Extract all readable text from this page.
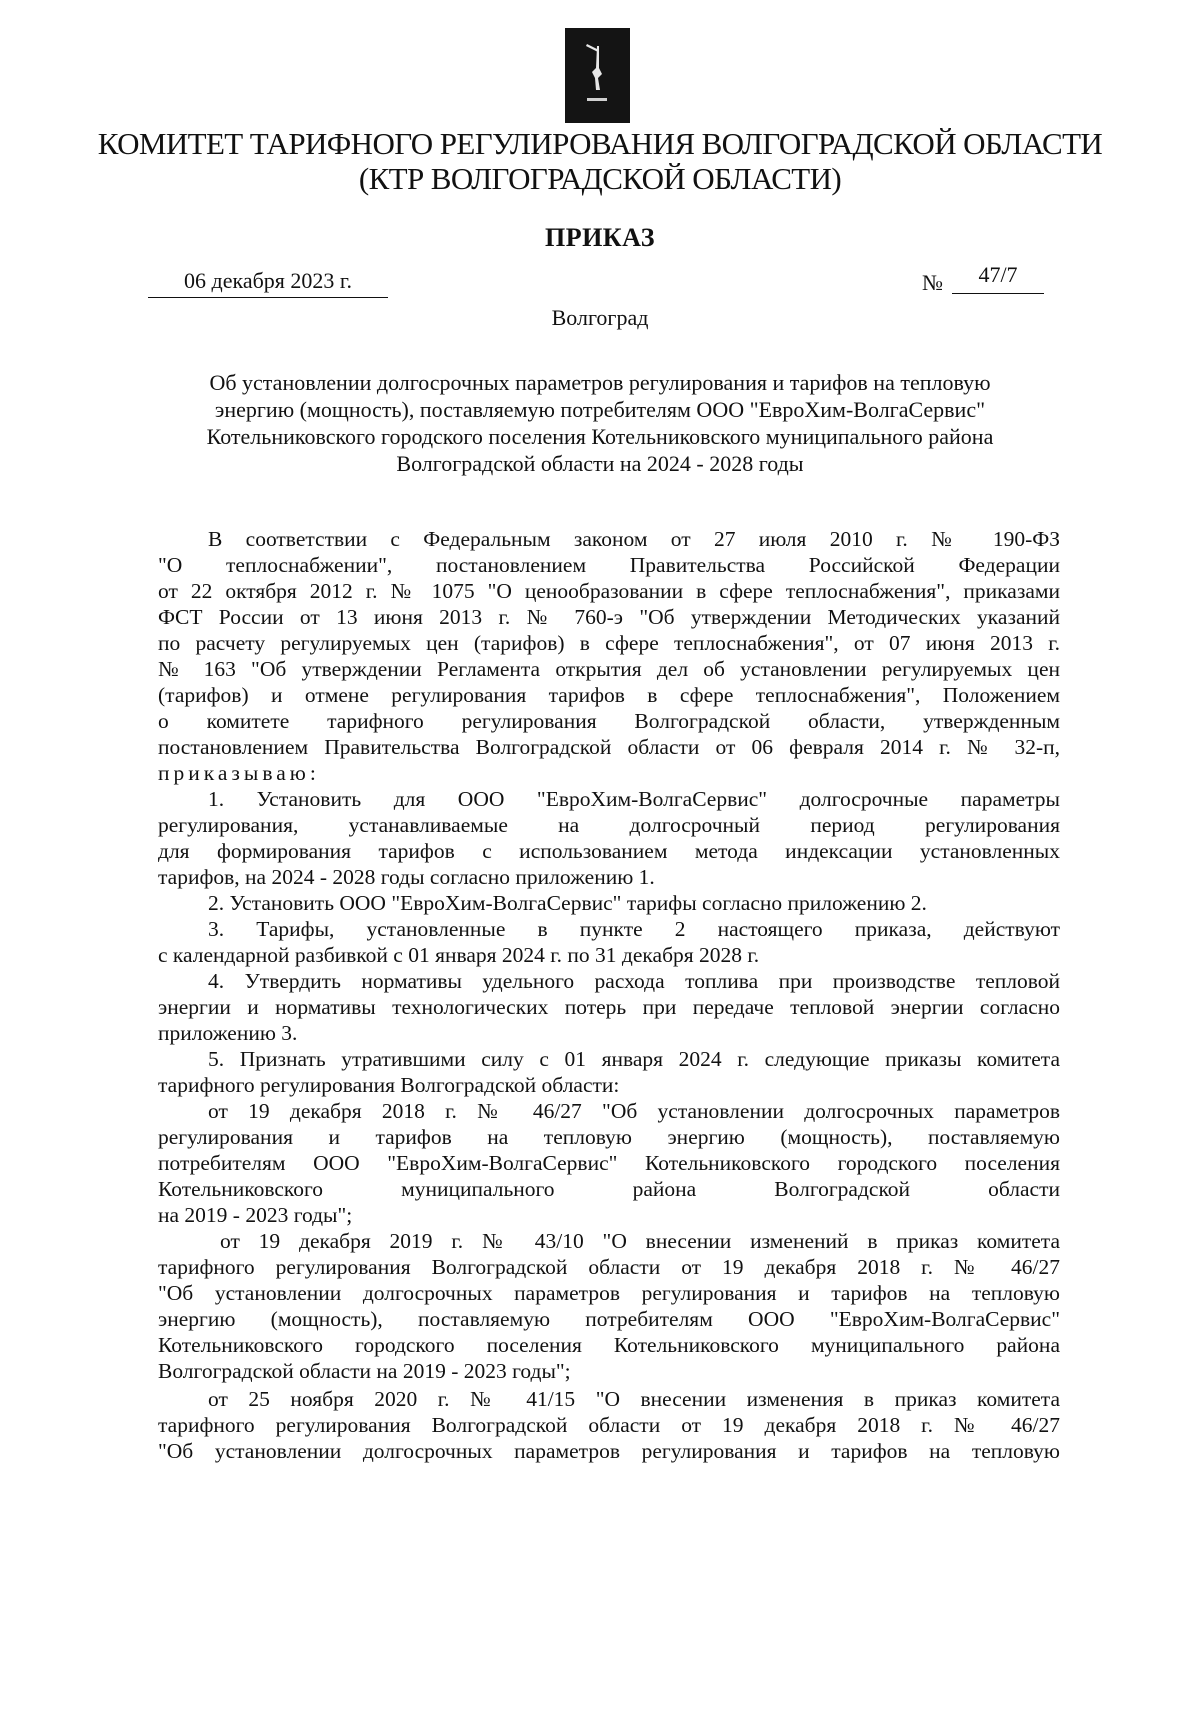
КОМИТЕТ ТАРИФНОГО РЕГУЛИРОВАНИЯ ВОЛГОГРАДСКОЙ ОБЛАСТИ
(КТР ВОЛГОГРАДСКОЙ ОБЛАСТИ)
ПРИКАЗ
06 декабря 2023 г.	№	47/7
Волгоград
Об установлении долгосрочных параметров регулирования и тарифов на тепловую
энергию (мощность), поставляемую потребителям ООО "ЕвроХим-ВолгаСервис"
Котельниковского городского поселения Котельниковского муниципального района
Волгоградской области на 2024 - 2028 годы
В соответствии с Федеральным законом от 27 июля 2010 г. № 190-ФЗ
"О теплоснабжении", постановлением Правительства Российской Федерации
от 22 октября 2012 г. № 1075 "О ценообразовании в сфере теплоснабжения", приказами
ФСТ России от 13 июня 2013 г. № 760-э "Об утверждении Методических указаний
по расчету регулируемых цен (тарифов) в сфере теплоснабжения", от 07 июня 2013 г.
№ 163 "Об утверждении Регламента открытия дел об установлении регулируемых цен
(тарифов) и отмене регулирования тарифов в сфере теплоснабжения", Положением
о комитете тарифного регулирования Волгоградской области, утвержденным
постановлением Правительства Волгоградской области от 06 февраля 2014 г. № 32-п,
приказываю:
1. Установить для ООО "ЕвроХим-ВолгаСервис" долгосрочные параметры
регулирования, устанавливаемые на долгосрочный период регулирования
для формирования тарифов с использованием метода индексации установленных
тарифов, на 2024 - 2028 годы согласно приложению 1.
2. Установить ООО "ЕвроХим-ВолгаСервис" тарифы согласно приложению 2.
3. Тарифы, установленные в пункте 2 настоящего приказа, действуют
с календарной разбивкой с 01 января 2024 г. по 31 декабря 2028 г.
4. Утвердить нормативы удельного расхода топлива при производстве тепловой
энергии и нормативы технологических потерь при передаче тепловой энергии согласно
приложению 3.
5. Признать утратившими силу с 01 января 2024 г. следующие приказы комитета
тарифного регулирования Волгоградской области:
от 19 декабря 2018 г. № 46/27 "Об установлении долгосрочных параметров
регулирования и тарифов на тепловую энергию (мощность), поставляемую
потребителям ООО "ЕвроХим-ВолгаСервис" Котельниковского городского поселения
Котельниковского муниципального района Волгоградской области
на 2019 - 2023 годы";
от 19 декабря 2019 г. № 43/10 "О внесении изменений в приказ комитета
тарифного регулирования Волгоградской области от 19 декабря 2018 г. № 46/27
"Об установлении долгосрочных параметров регулирования и тарифов на тепловую
энергию (мощность), поставляемую потребителям ООО "ЕвроХим-ВолгаСервис"
Котельниковского городского поселения Котельниковского муниципального района
Волгоградской области на 2019 - 2023 годы";
от 25 ноября 2020 г. № 41/15 "О внесении изменения в приказ комитета
тарифного регулирования Волгоградской области от 19 декабря 2018 г. № 46/27
"Об установлении долгосрочных параметров регулирования и тарифов на тепловую
